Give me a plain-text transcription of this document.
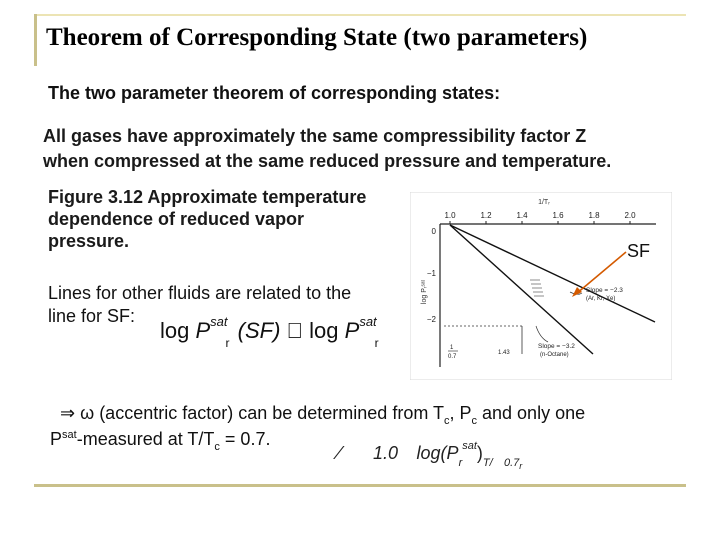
Theorem of Corresponding State (two parameters)

The two parameter theorem of corresponding states:

All gases have approximately the same compressibility factor Z
when compressed at the same reduced pressure and temperature.

Figure 3.12 Approximate temperature
dependence of reduced vapor
pressure.

Lines for other fluids are related to the
line for SF:

$\log P^{sat}_r$ (SF)   $\log P^{sat}_r$

1/Tᵣ
1.0	1.2	1.4	1.6	1.8	2.0
0
−1
−2
log Pᵣˢᵃᵗ
1
0.7
1.43
Slope = −2.3
(Ar, Kr, Xe)
Slope = −3.2
(n-Octane)
SF

⇒ ω (accentric factor) can be determined from $T_c$, $P_c$ and only one

$P^{sat}$-measured at $T/T_c = 0.7$.

⁄   1.0  $\log(P_r^{sat})_{T/  0.7r}$
